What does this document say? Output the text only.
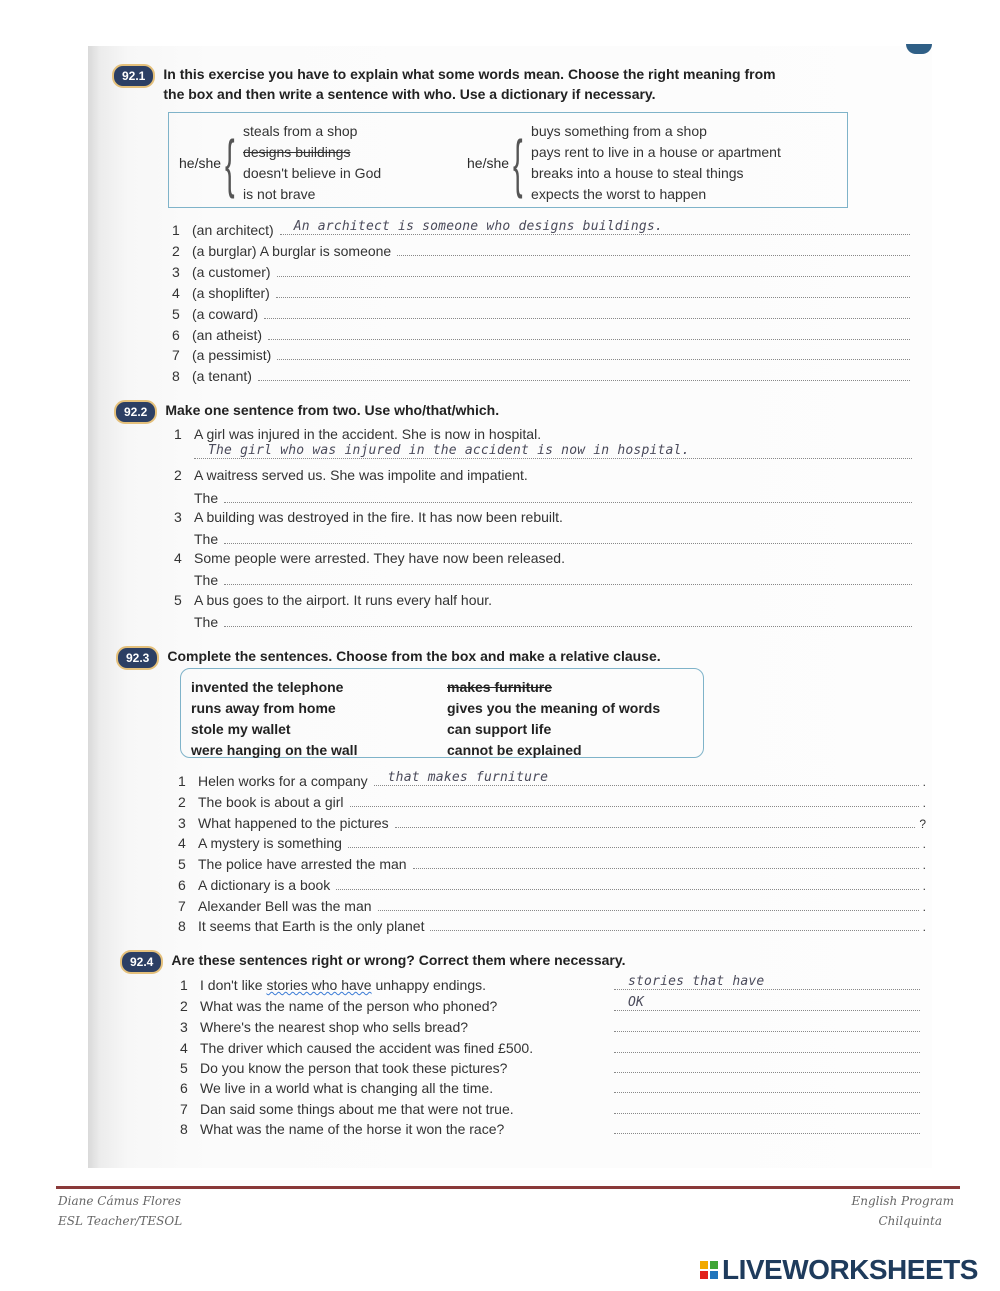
92.1	In this exercise you have to explain what some words mean. Choose the right meaning from
the box and then write a sentence with who. Use a dictionary if necessary.
he/she { steals from a shop
designs buildings
doesn't believe in God
is not brave
he/she { buys something from a shop
pays rent to live in a house or apartment
breaks into a house to steal things
expects the worst to happen
1 (an architect) An architect is someone who designs buildings.
2 (a burglar) A burglar is someone
3 (a customer)
4 (a shoplifter)
5 (a coward)
6 (an atheist)
7 (a pessimist)
8 (a tenant)
92.2	Make one sentence from two. Use who/that/which.
1 A girl was injured in the accident. She is now in hospital.
The girl who was injured in the accident is now in hospital.
2 A waitress served us. She was impolite and impatient.
The
3 A building was destroyed in the fire. It has now been rebuilt.
The
4 Some people were arrested. They have now been released.
The
5 A bus goes to the airport. It runs every half hour.
The
92.3	Complete the sentences. Choose from the box and make a relative clause.
invented the telephone
runs away from home
stole my wallet
were hanging on the wall
makes furniture
gives you the meaning of words
can support life
cannot be explained
1 Helen works for a company that makes furniture	.
2 The book is about a girl	.
3 What happened to the pictures	?
4 A mystery is something	.
5 The police have arrested the man	.
6 A dictionary is a book	.
7 Alexander Bell was the man	.
8 It seems that Earth is the only planet	.
92.4	Are these sentences right or wrong? Correct them where necessary.
1 I don't like stories who have unhappy endings.	stories that have
2 What was the name of the person who phoned?	OK
3 Where's the nearest shop who sells bread?
4 The driver which caused the accident was fined £500.
5 Do you know the person that took these pictures?
6 We live in a world what is changing all the time.
7 Dan said some things about me that were not true.
8 What was the name of the horse it won the race?
Diane Cámus Flores
ESL Teacher/TESOL
English Program
Chilquinta
LIVEWORKSHEETS
